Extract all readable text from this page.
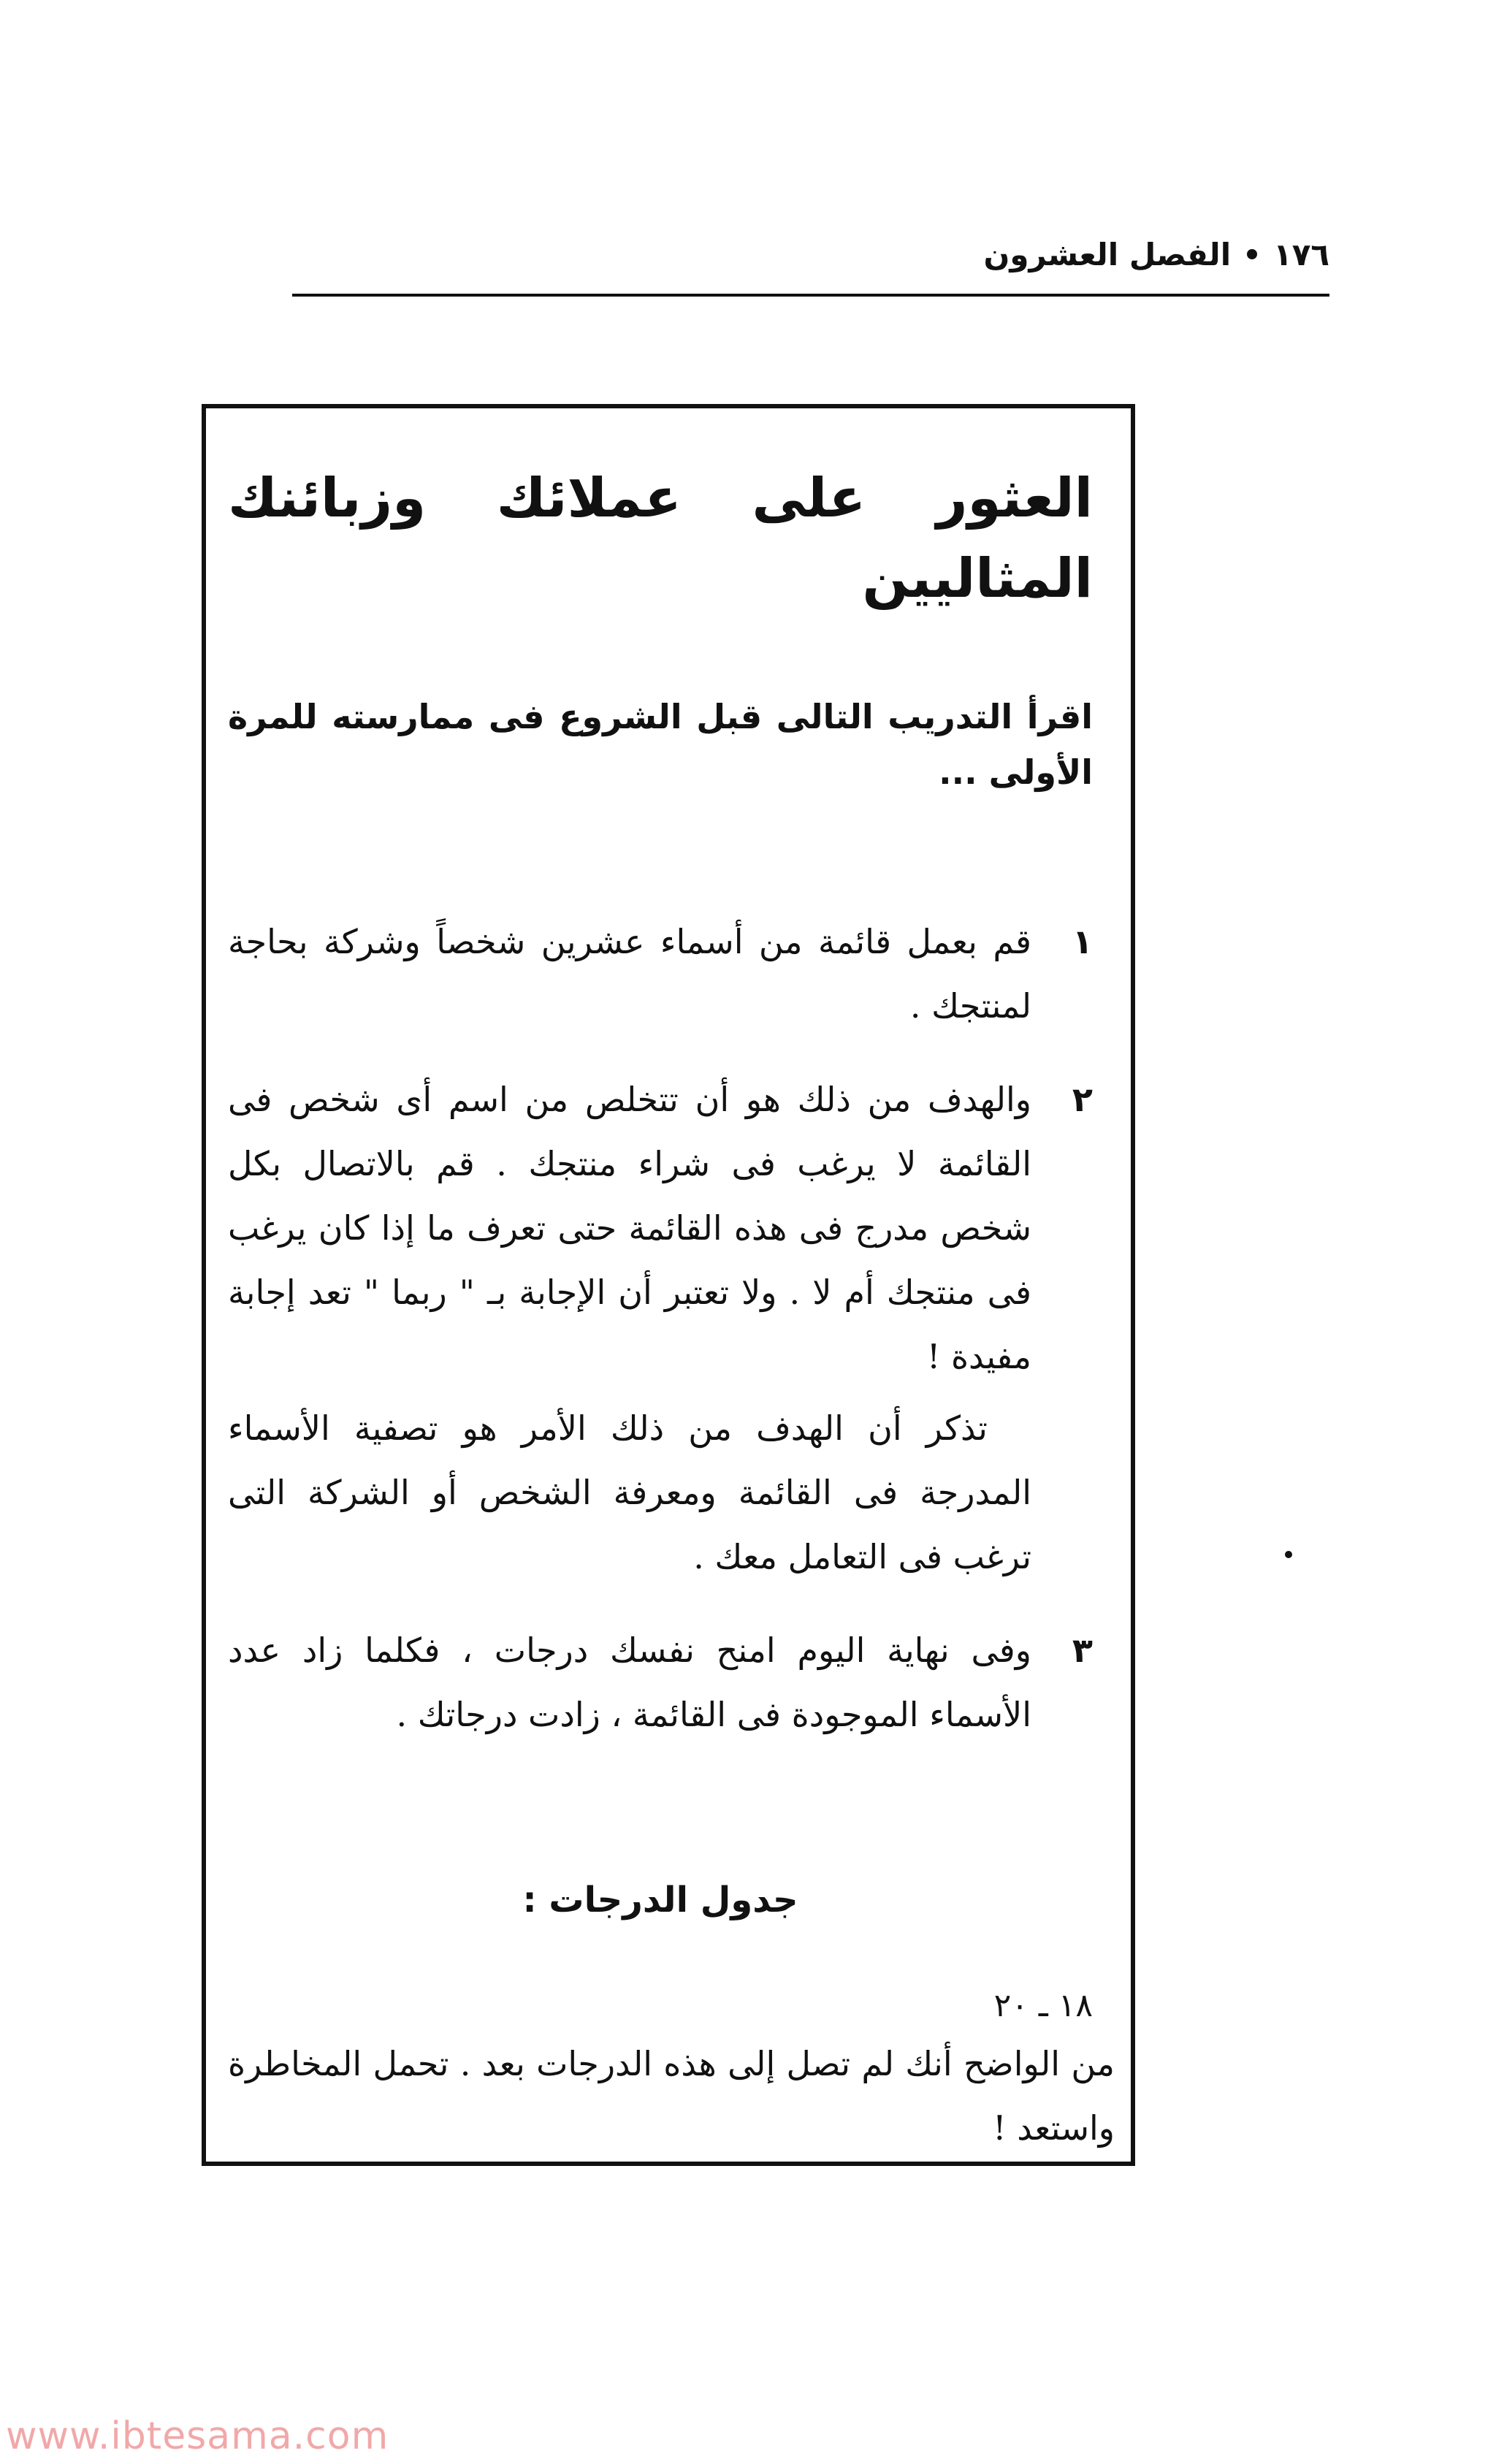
١٧٦
الفصل العشرون
العثور على عملائك وزبائنك المثاليين
اقرأ التدريب التالى قبل الشروع فى ممارسته للمرة الأولى ...
١
قم بعمل قائمة من أسماء عشرين شخصاً وشركة بحاجة لمنتجك .
٢
والهدف من ذلك هو أن تتخلص من اسم أى شخص فى القائمة لا يرغب فى شراء منتجك . قم بالاتصال بكل شخص مدرج فى هذه القائمة حتى تعرف ما إذا كان يرغب فى منتجك أم لا . ولا تعتبر أن الإجابة بـ " ربما " تعد إجابة مفيدة !
تذكر أن الهدف من ذلك الأمر هو تصفية الأسماء المدرجة فى القائمة ومعرفة الشخص أو الشركة التى ترغب فى التعامل معك .
٣
وفى نهاية اليوم امنح نفسك درجات ، فكلما زاد عدد الأسماء الموجودة فى القائمة ، زادت درجاتك .
جدول الدرجات :
١٨ ـ ٢٠
من الواضح أنك لم تصل إلى هذه الدرجات بعد . تحمل المخاطرة واستعد !
www.ibtesama.com
